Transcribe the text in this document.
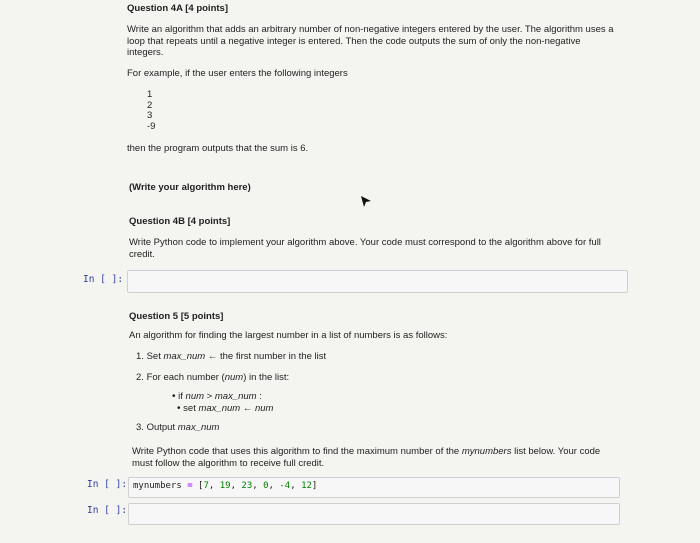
Question 4A [4 points]
Write an algorithm that adds an arbitrary number of non-negative integers entered by the user. The algorithm uses a
loop that repeats until a negative integer is entered. Then the code outputs the sum of only the non-negative
integers.
For example, if the user enters the following integers
1
2
3
-9
then the program outputs that the sum is 6.
(Write your algorithm here)
Question 4B [4 points]
Write Python code to implement your algorithm above. Your code must correspond to the algorithm above for full
credit.
In [ ]:
Question 5 [5 points]
An algorithm for finding the largest number in a list of numbers is as follows:
1. Set max_num ← the first number in the list
2. For each number (num) in the list:
• if num > max_num :
• set max_num ← num
3. Output max_num
Write Python code that uses this algorithm to find the maximum number of the mynumbers list below. Your code
must follow the algorithm to receive full credit.
In [ ]: mynumbers = [7, 19, 23, 0, -4, 12]
In [ ]:
